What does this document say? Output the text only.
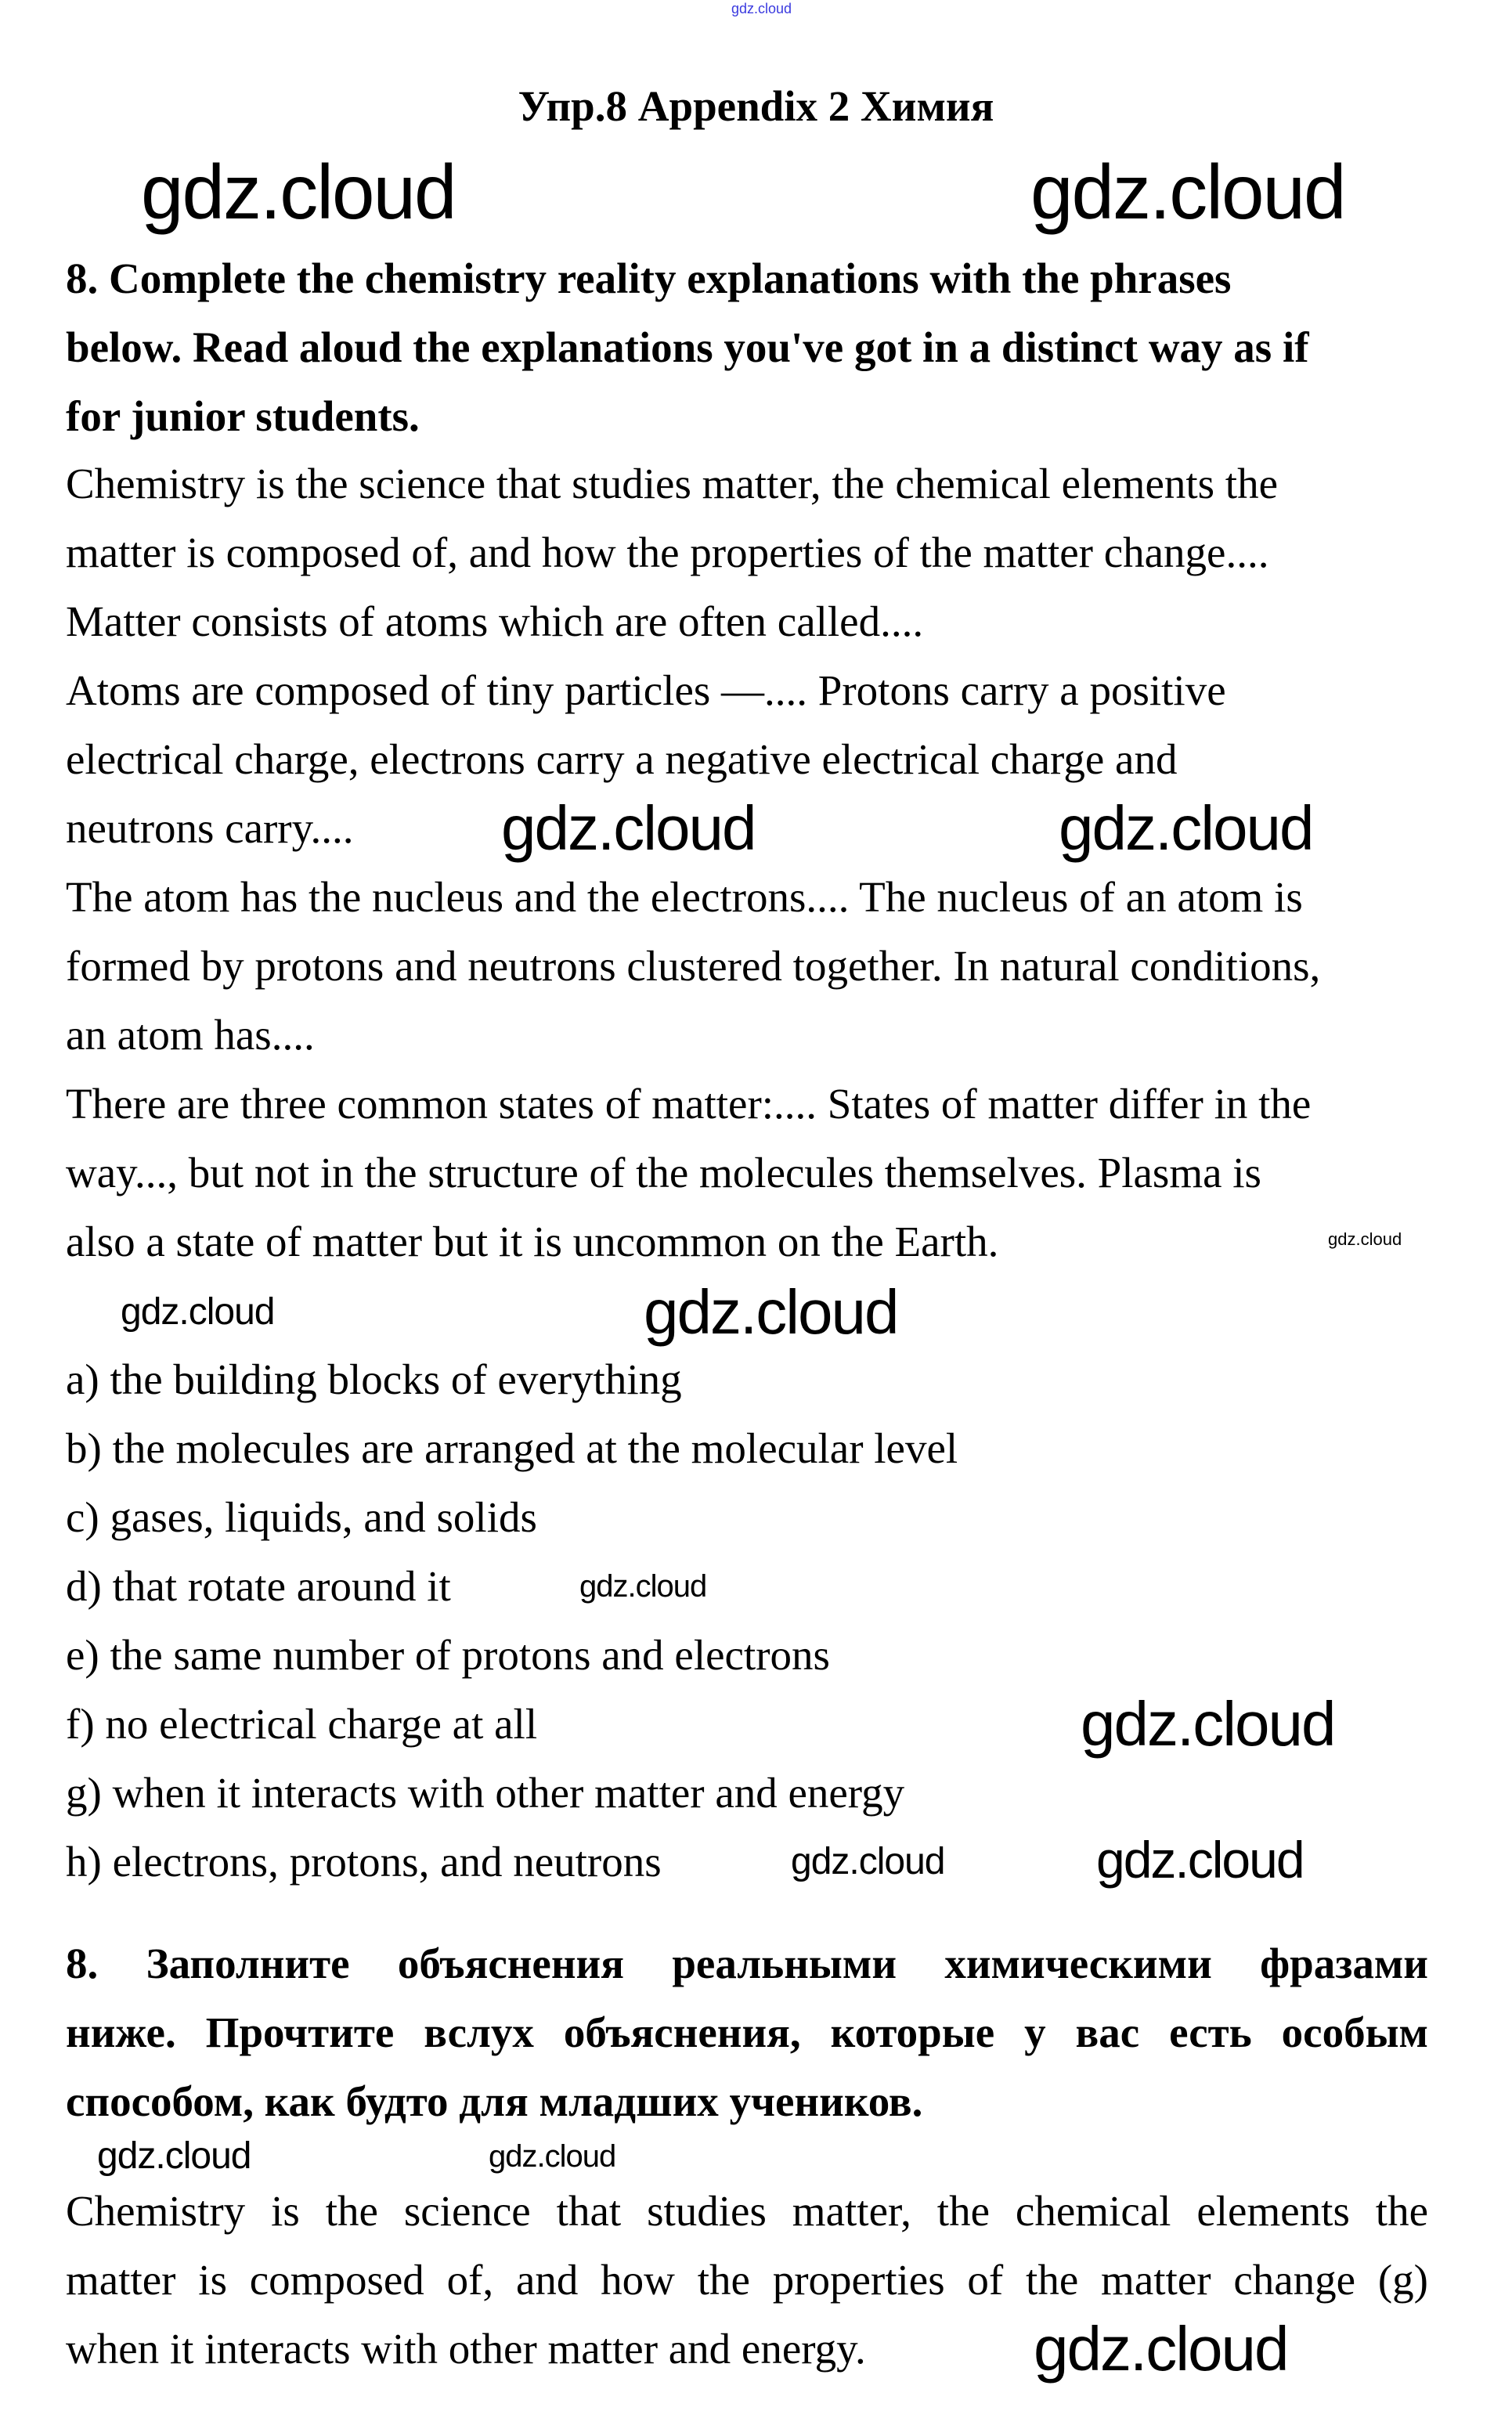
gdz.cloud
Упр.8 Appendix 2 Химия
8. Complete the chemistry reality explanations with the phrases
below. Read aloud the explanations you've got in a distinct way as if
for junior students.
Chemistry is the science that studies matter, the chemical elements the
matter is composed of, and how the properties of the matter change....
Matter consists of atoms which are often called....
Atoms are composed of tiny particles —.... Protons carry a positive
electrical charge, electrons carry a negative electrical charge and
neutrons carry....
The atom has the nucleus and the electrons.... The nucleus of an atom is
formed by protons and neutrons clustered together. In natural conditions,
an atom has....
There are three common states of matter:.... States of matter differ in the
way..., but not in the structure of the molecules themselves. Plasma is
also a state of matter but it is uncommon on the Earth.
a) the building blocks of everything
b) the molecules are arranged at the molecular level
c) gases, liquids, and solids
d) that rotate around it
e) the same number of protons and electrons
f) no electrical charge at all
g) when it interacts with other matter and energy
h) electrons, protons, and neutrons
8. Заполните объяснения реальными химическими фразами
ниже. Прочтите вслух объяснения, которые у вас есть особым
способом, как будто для младших учеников.
Chemistry is the science that studies matter, the chemical elements the
matter is composed of, and how the properties of the matter change (g)
when it interacts with other matter and energy.
gdz.cloud	gdz.cloud
gdz.cloud	gdz.cloud
gdz.cloud
gdz.cloud
gdz.cloud
gdz.cloud
gdz.cloud
gdz.cloud	gdz.cloud
gdz.cloud	gdz.cloud
gdz.cloud
